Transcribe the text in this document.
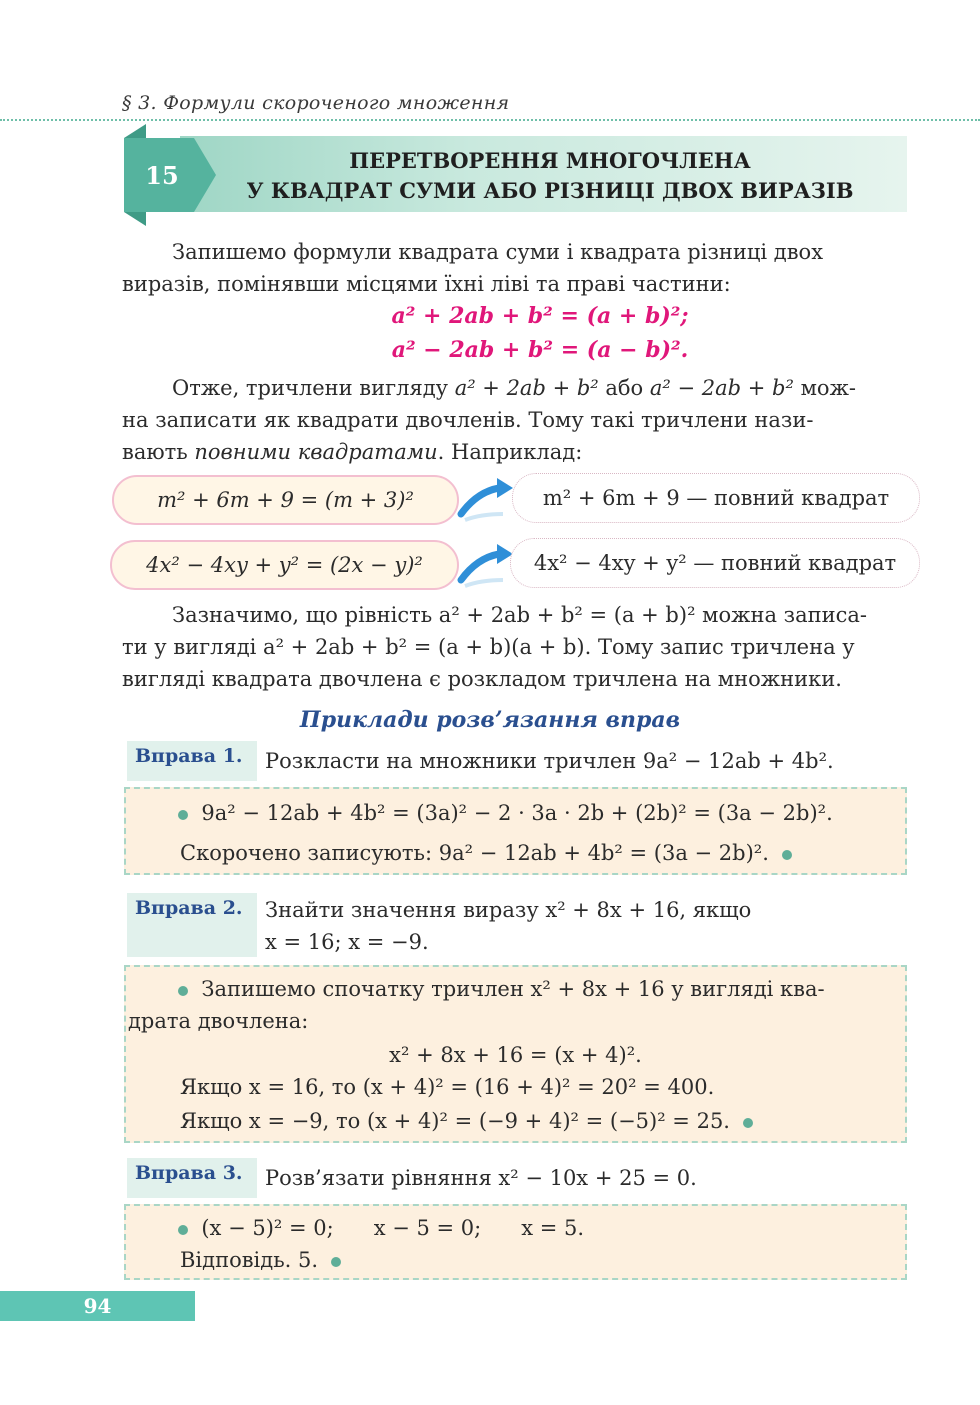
§ 3. Формули скороченого множення
15
ПЕРЕТВОРЕННЯ МНОГОЧЛЕНА
У КВАДРАТ СУМИ АБО РІЗНИЦІ ДВОХ ВИРАЗІВ
Запишемо формули квадрата суми і квадрата різниці двох
виразів, помінявши місцями їхні ліві та праві частини:
a² + 2ab + b² = (a + b)²;
a² − 2ab + b² = (a − b)².
Отже, тричлени вигляду a² + 2ab + b² або a² − 2ab + b² мож-
на записати як квадрати двочленів. Тому такі тричлени нази-
вають повними квадратами. Наприклад:
m² + 6m + 9 = (m + 3)²	m² + 6m + 9 — повний квадрат
4x² − 4xy + y² = (2x − y)²	4x² − 4xy + y² — повний квадрат
Зазначимо, що рівність a² + 2ab + b² = (a + b)² можна записа-
ти у вигляді a² + 2ab + b² = (a + b)(a + b). Тому запис тричлена у
вигляді квадрата двочлена є розкладом тричлена на множники.
Приклади розв’язання вправ
Вправа 1.	Розкласти на множники тричлен 9a² − 12ab + 4b².
9a² − 12ab + 4b² = (3a)² − 2 · 3a · 2b + (2b)² = (3a − 2b)².
Скорочено записують: 9a² − 12ab + 4b² = (3a − 2b)².
Вправа 2.	Знайти значення виразу x² + 8x + 16, якщо
x = 16; x = −9.
Запишемо спочатку тричлен x² + 8x + 16 у вигляді ква-
драта двочлена:
x² + 8x + 16 = (x + 4)².
Якщо x = 16, то (x + 4)² = (16 + 4)² = 20² = 400.
Якщо x = −9, то (x + 4)² = (−9 + 4)² = (−5)² = 25.
Вправа 3.	Розв’язати рівняння x² − 10x + 25 = 0.
(x − 5)² = 0; x − 5 = 0; x = 5.
Відповідь. 5.
94
